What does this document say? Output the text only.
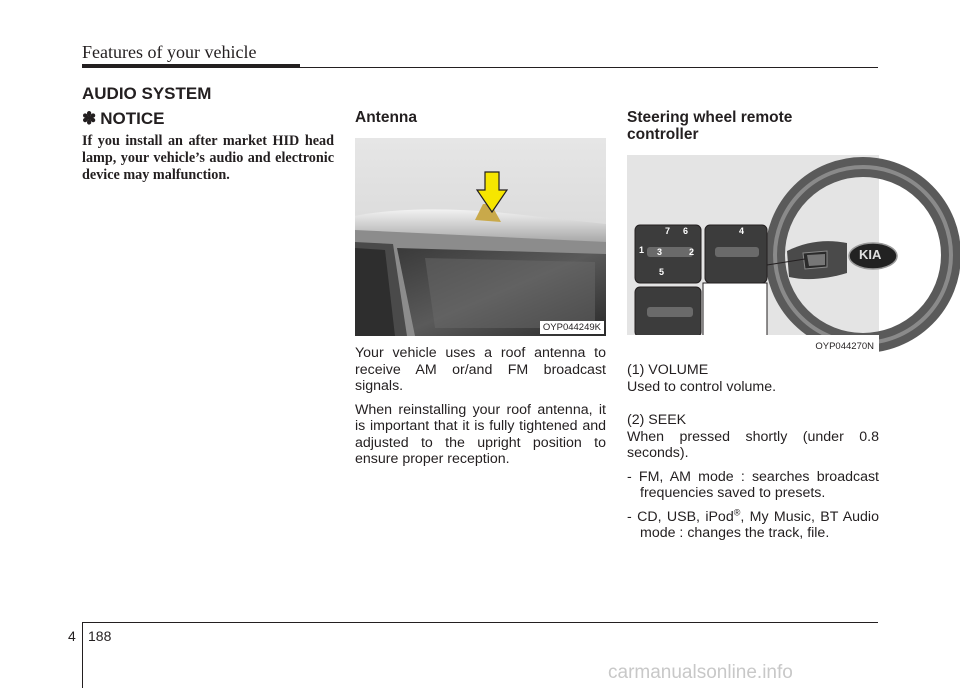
Features of your vehicle
AUDIO SYSTEM
✽ NOTICE
If you install an after market HID head lamp, your vehicle’s audio and electronic device may malfunction.
Antenna
OYP044249K

Your vehicle uses a roof antenna to receive AM or/and FM broadcast signals.

When reinstalling your roof antenna, it is important that it is fully tightened and adjusted to the upright position to ensure proper reception.

Steering wheel remote
controller
KIA
7 6
1 3	2
5
4
OYP044270N

(1) VOLUME

Used to control volume.

(2) SEEK

When pressed shortly (under 0.8 seconds).

- FM, AM mode : searches broadcast frequencies saved to presets.

- CD, USB, iPod®, My Music, BT Audio mode : changes the track, file.

4 188
carmanualsonline.info
